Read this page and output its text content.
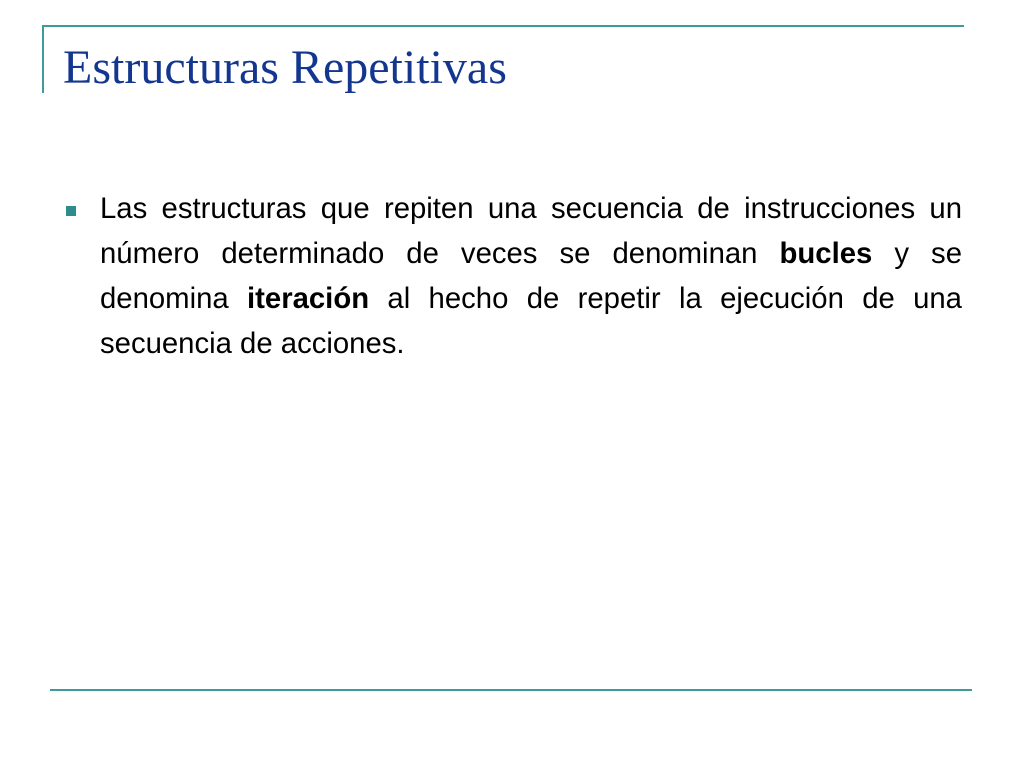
Estructuras Repetitivas

Las estructuras que repiten una secuencia de instrucciones un número determinado de veces se denominan bucles y se denomina iteración al hecho de repetir la ejecución de una secuencia de acciones.
